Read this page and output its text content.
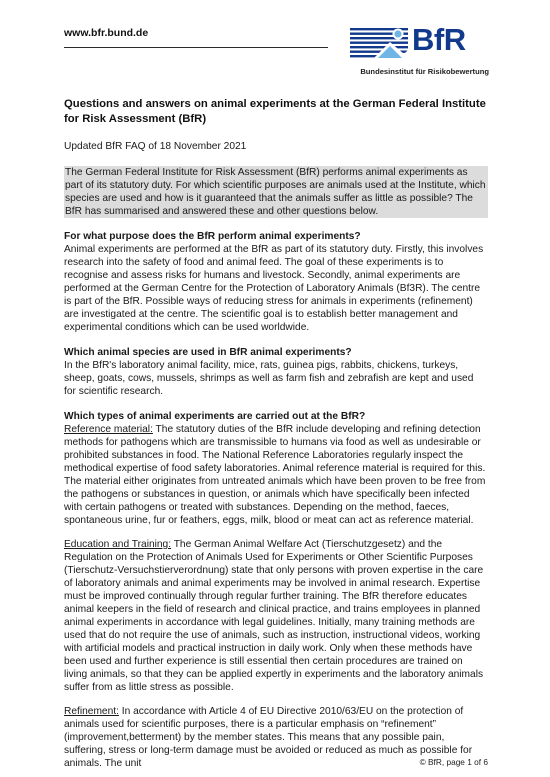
www.bfr.bund.de	BfR
Bundesinstitut für Risikobewertung
Questions and answers on animal experiments at the German Federal Institute for Risk Assessment (BfR)

Updated BfR FAQ of 18 November 2021

The German Federal Institute for Risk Assessment (BfR) performs animal experiments as part of its statutory duty. For which scientific purposes are animals used at the Institute, which species are used and how is it guaranteed that the animals suffer as little as possible? The BfR has summarised and answered these and other questions below.

For what purpose does the BfR perform animal experiments?

Animal experiments are performed at the BfR as part of its statutory duty. Firstly, this involves research into the safety of food and animal feed. The goal of these experiments is to recognise and assess risks for humans and livestock. Secondly, animal experiments are performed at the German Centre for the Protection of Laboratory Animals (Bf3R). The centre is part of the BfR. Possible ways of reducing stress for animals in experiments (refinement) are investigated at the centre. The scientific goal is to establish better management and experimental conditions which can be used worldwide.

Which animal species are used in BfR animal experiments?

In the BfR's laboratory animal facility, mice, rats, guinea pigs, rabbits, chickens, turkeys, sheep, goats, cows, mussels, shrimps as well as farm fish and zebrafish are kept and used for scientific research.

Which types of animal experiments are carried out at the BfR?

Reference material: The statutory duties of the BfR include developing and refining detection methods for pathogens which are transmissible to humans via food as well as undesirable or prohibited substances in food. The National Reference Laboratories regularly inspect the methodical expertise of food safety laboratories. Animal reference material is required for this. The material either originates from untreated animals which have been proven to be free from the pathogens or substances in question, or animals which have specifically been infected with certain pathogens or treated with substances. Depending on the method, faeces, spontaneous urine, fur or feathers, eggs, milk, blood or meat can act as reference material.

Education and Training: The German Animal Welfare Act (Tierschutzgesetz) and the Regulation on the Protection of Animals Used for Experiments or Other Scientific Purposes (Tierschutz-Versuchstierverordnung) state that only persons with proven expertise in the care of laboratory animals and animal experiments may be involved in animal research. Expertise must be improved continually through regular further training. The BfR therefore educates animal keepers in the field of research and clinical practice, and trains employees in planned animal experiments in accordance with legal guidelines. Initially, many training methods are used that do not require the use of animals, such as instruction, instructional videos, working with artificial models and practical instruction in daily work. Only when these methods have been used and further experience is still essential then certain procedures are trained on living animals, so that they can be applied expertly in experiments and the laboratory animals suffer from as little stress as possible.

Refinement: In accordance with Article 4 of EU Directive 2010/63/EU on the protection of animals used for scientific purposes, there is a particular emphasis on “refinement” (improvement,betterment) by the member states. This means that any possible pain, suffering, stress or long-term damage must be avoided or reduced as much as possible for animals. The unit	© BfR, page 1 of 6
